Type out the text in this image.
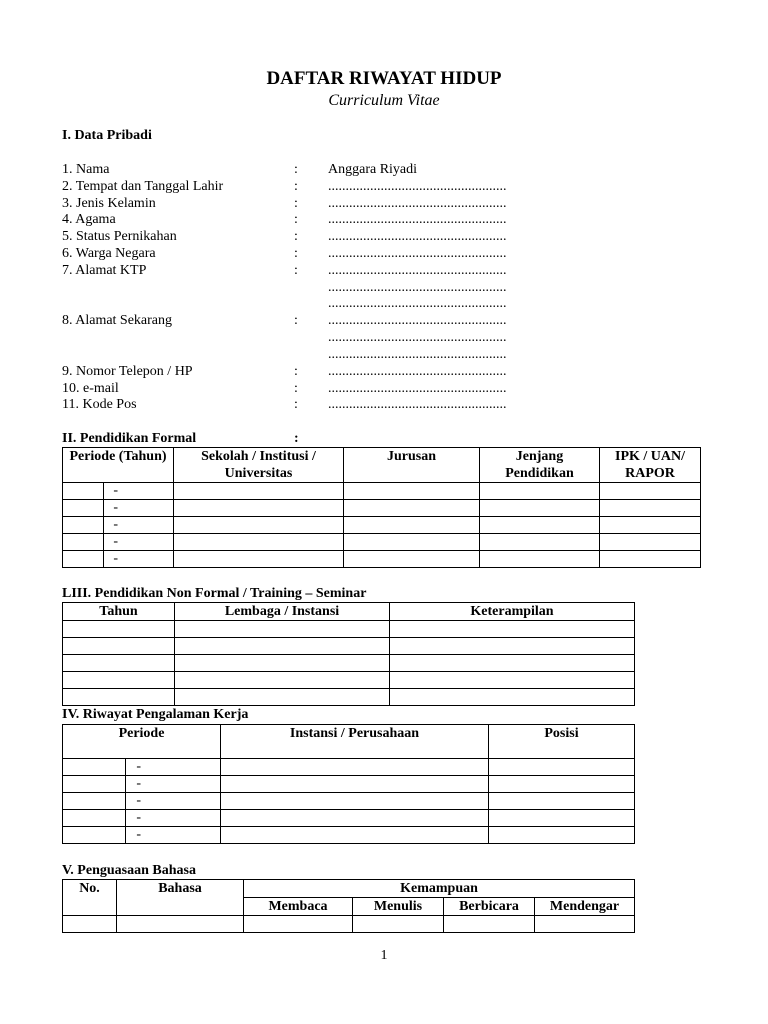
DAFTAR RIWAYAT HIDUP
Curriculum Vitae
I. Data Pribadi
1. Nama	: Anggara Riyadi
2. Tempat dan Tanggal Lahir	: ...................................................
3. Jenis Kelamin	: ...................................................
4. Agama	: ...................................................
5. Status Pernikahan	: ...................................................
6. Warga Negara	: ...................................................
7. Alamat KTP	: ...................................................
...................................................
...................................................
8. Alamat Sekarang	: ...................................................
...................................................
...................................................
9. Nomor Telepon / HP	: ...................................................
10. e-mail	: ...................................................
11. Kode Pos	: ...................................................
II. Pendidikan Formal	:
Periode (Tahun)			Sekolah / Institusi / Universitas	Jurusan	Jenjang Pendidikan	IPK / UAN/ RAPOR
	-					
	-					
	-					
	-					
	-					
LIII. Pendidikan Non Formal / Training – Seminar
Tahun	Lembaga / Instansi	Keterampilan

IV. Riwayat Pengalaman Kerja
Periode			Instansi / Perusahaan	Posisi
	-			
	-			
	-			
	-			
	-			
V. Penguasaan Bahasa
No.	Bahasa	Kemampuan			
		Membaca	Menulis	Berbicara	Mendengar

1
